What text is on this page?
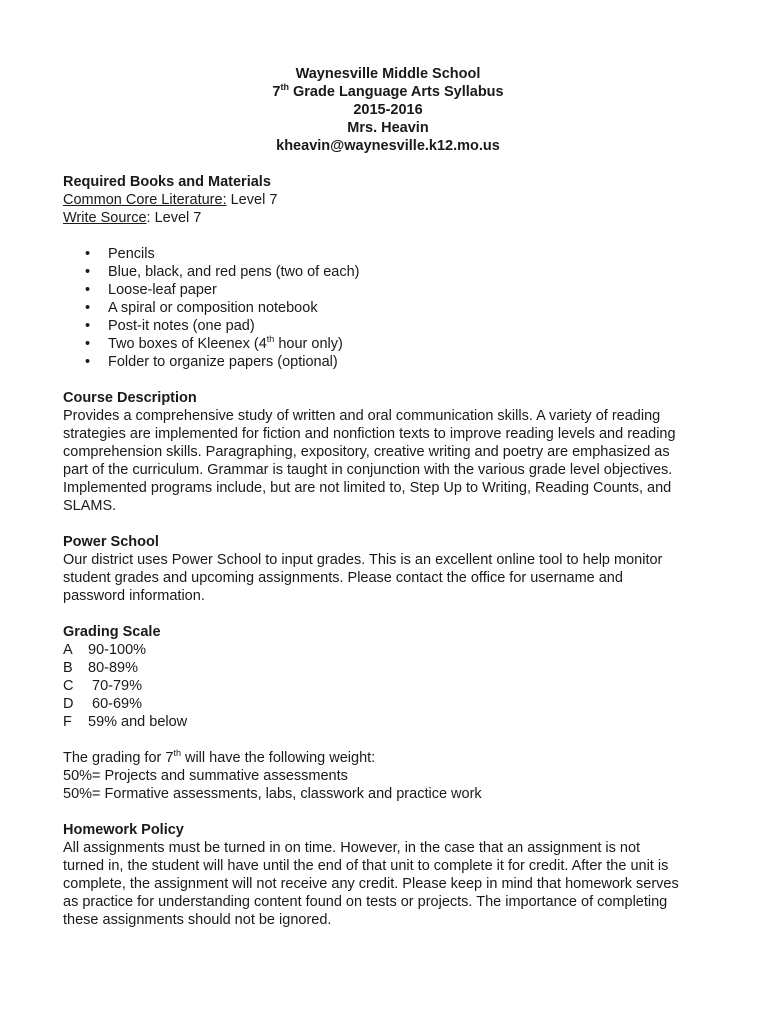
Waynesville Middle School
7th Grade Language Arts Syllabus
2015-2016
Mrs. Heavin
kheavin@waynesville.k12.mo.us
Required Books and Materials
Common Core Literature: Level 7
Write Source: Level 7
• Pencils
• Blue, black, and red pens (two of each)
• Loose-leaf paper
• A spiral or composition notebook
• Post-it notes (one pad)
• Two boxes of Kleenex (4th hour only)
• Folder to organize papers (optional)
Course Description
Provides a comprehensive study of written and oral communication skills. A variety of reading
strategies are implemented for fiction and nonfiction texts to improve reading levels and reading
comprehension skills. Paragraphing, expository, creative writing and poetry are emphasized as
part of the curriculum. Grammar is taught in conjunction with the various grade level objectives.
Implemented programs include, but are not limited to, Step Up to Writing, Reading Counts, and
SLAMS.
Power School
Our district uses Power School to input grades. This is an excellent online tool to help monitor
student grades and upcoming assignments. Please contact the office for username and
password information.
Grading Scale
A 90-100%
B 80-89%
C 70-79%
D 60-69%
F 59% and below
The grading for 7th will have the following weight:
50%= Projects and summative assessments
50%= Formative assessments, labs, classwork and practice work
Homework Policy
All assignments must be turned in on time. However, in the case that an assignment is not
turned in, the student will have until the end of that unit to complete it for credit. After the unit is
complete, the assignment will not receive any credit. Please keep in mind that homework serves
as practice for understanding content found on tests or projects. The importance of completing
these assignments should not be ignored.
